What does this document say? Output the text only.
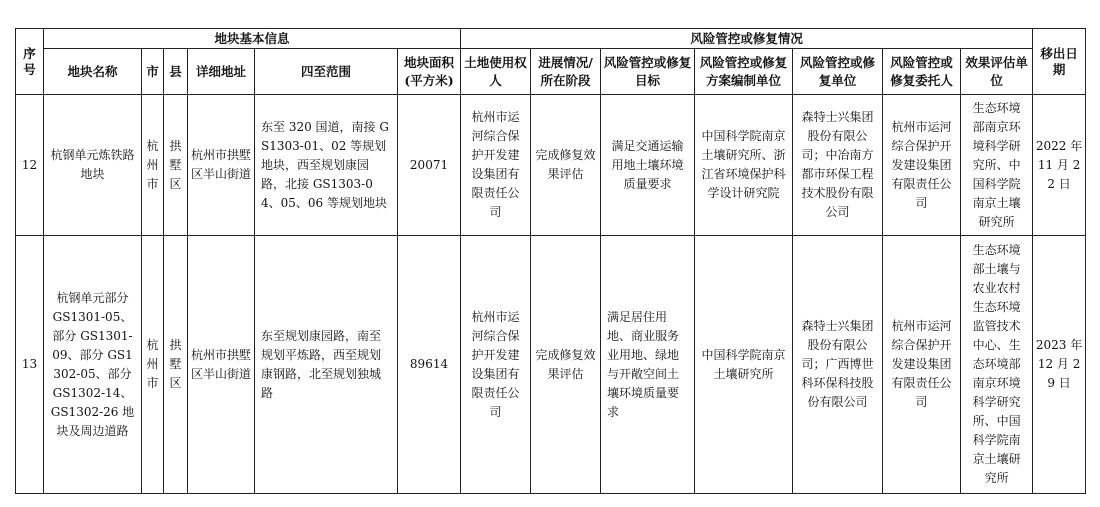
序号	地块基本信息						风险管控或修复情况							移出日期
	地块名称	市	县	详细地址	四至范围	地块面积(平方米)	土地使用权人	进展情况/所在阶段	风险管控或修复目标	风险管控或修复方案编制单位	风险管控或修复单位	风险管控或修复委托人	效果评估单位	
12	杭钢单元炼铁路地块	杭州市	拱墅区	杭州市拱墅区半山街道	东至 320 国道，南接 GS1303-01、02 等规划地块，西至规划康园路，北接 GS1303-04、05、06 等规划地块	20071	杭州市运河综合保护开发建设集团有限责任公司	完成修复效果评估	满足交通运输用地土壤环境质量要求	中国科学院南京土壤研究所、浙江省环境保护科学设计研究院	森特士兴集团股份有限公司；中冶南方都市环保工程技术股份有限公司	杭州市运河综合保护开发建设集团有限责任公司	生态环境部南京环境科学研究所、中国科学院南京土壤研究所	2022 年 11 月 22 日
13	杭钢单元部分 GS1301-05、部分 GS1301-09、部分 GS1302-05、部分 GS1302-14、GS1302-26 地块及周边道路	杭州市	拱墅区	杭州市拱墅区半山街道	东至规划康园路，南至规划平炼路，西至规划康钢路，北至规划独城路	89614	杭州市运河综合保护开发建设集团有限责任公司	完成修复效果评估	满足居住用地、商业服务业用地、绿地与开敞空间土壤环境质量要求	中国科学院南京土壤研究所	森特士兴集团股份有限公司；广西博世科环保科技股份有限公司	杭州市运河综合保护开发建设集团有限责任公司	生态环境部土壤与农业农村生态环境监管技术中心、生态环境部南京环境科学研究所、中国科学院南京土壤研究所	2023 年 12 月 29 日
